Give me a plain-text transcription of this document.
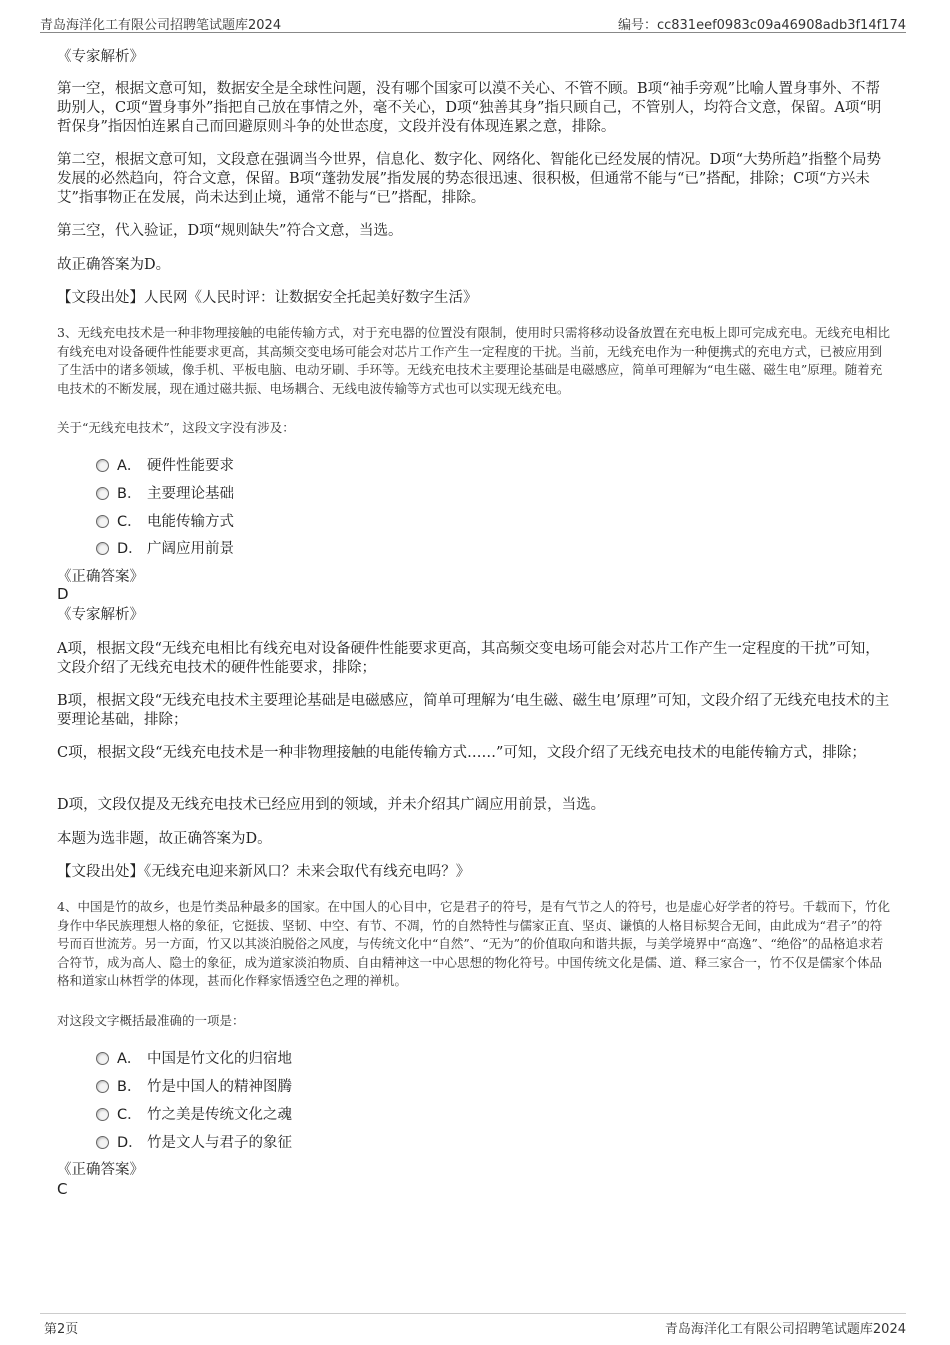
青岛海洋化工有限公司招聘笔试题库2024	编号：cc831eef0983c09a46908adb3f14f174

《专家解析》

第一空，根据文意可知，数据安全是全球性问题，没有哪个国家可以漠不关心、不管不顾。B项“袖手旁观”比喻人置身事外、不帮助别人，C项“置身事外”指把自己放在事情之外，毫不关心，D项“独善其身”指只顾自己，不管别人，均符合文意，保留。A项“明哲保身”指因怕连累自己而回避原则斗争的处世态度，文段并没有体现连累之意，排除。

第二空，根据文意可知，文段意在强调当今世界，信息化、数字化、网络化、智能化已经发展的情况。D项“大势所趋”指整个局势发展的必然趋向，符合文意，保留。B项“蓬勃发展”指发展的势态很迅速、很积极，但通常不能与“已”搭配，排除；C项“方兴未艾”指事物正在发展，尚未达到止境，通常不能与“已”搭配，排除。

第三空，代入验证，D项“规则缺失”符合文意，当选。

故正确答案为D。

【文段出处】人民网《人民时评：让数据安全托起美好数字生活》

3、无线充电技术是一种非物理接触的电能传输方式，对于充电器的位置没有限制，使用时只需将移动设备放置在充电板上即可完成充电。无线充电相比有线充电对设备硬件性能要求更高，其高频交变电场可能会对芯片工作产生一定程度的干扰。当前，无线充电作为一种便携式的充电方式，已被应用到了生活中的诸多领域，像手机、平板电脑、电动牙刷、手环等。无线充电技术主要理论基础是电磁感应，简单可理解为“电生磁、磁生电”原理。随着充电技术的不断发展，现在通过磁共振、电场耦合、无线电波传输等方式也可以实现无线充电。

关于“无线充电技术”，这段文字没有涉及：

A． 硬件性能要求
B． 主要理论基础
C． 电能传输方式
D． 广阔应用前景

《正确答案》

D

《专家解析》

A项，根据文段“无线充电相比有线充电对设备硬件性能要求更高，其高频交变电场可能会对芯片工作产生一定程度的干扰”可知，文段介绍了无线充电技术的硬件性能要求，排除；

B项，根据文段“无线充电技术主要理论基础是电磁感应，简单可理解为‘电生磁、磁生电’原理”可知，文段介绍了无线充电技术的主要理论基础，排除；

C项，根据文段“无线充电技术是一种非物理接触的电能传输方式……”可知，文段介绍了无线充电技术的电能传输方式，排除；

D项，文段仅提及无线充电技术已经应用到的领域，并未介绍其广阔应用前景，当选。

本题为选非题，故正确答案为D。

【文段出处】《无线充电迎来新风口？未来会取代有线充电吗？》

4、中国是竹的故乡，也是竹类品种最多的国家。在中国人的心目中，它是君子的符号，是有气节之人的符号，也是虚心好学者的符号。千载而下，竹化身作中华民族理想人格的象征，它挺拔、坚韧、中空、有节、不凋，竹的自然特性与儒家正直、坚贞、谦慎的人格目标契合无间，由此成为“君子”的符号而百世流芳。另一方面，竹又以其淡泊脱俗之风度，与传统文化中“自然”、“无为”的价值取向和谐共振，与美学境界中“高逸”、“绝俗”的品格追求若合符节，成为高人、隐士的象征，成为道家淡泊物质、自由精神这一中心思想的物化符号。中国传统文化是儒、道、释三家合一，竹不仅是儒家个体品格和道家山林哲学的体现，甚而化作释家悟透空色之理的禅机。

对这段文字概括最准确的一项是：

A． 中国是竹文化的归宿地
B． 竹是中国人的精神图腾
C． 竹之美是传统文化之魂
D． 竹是文人与君子的象征

《正确答案》

C

第2页	青岛海洋化工有限公司招聘笔试题库2024
